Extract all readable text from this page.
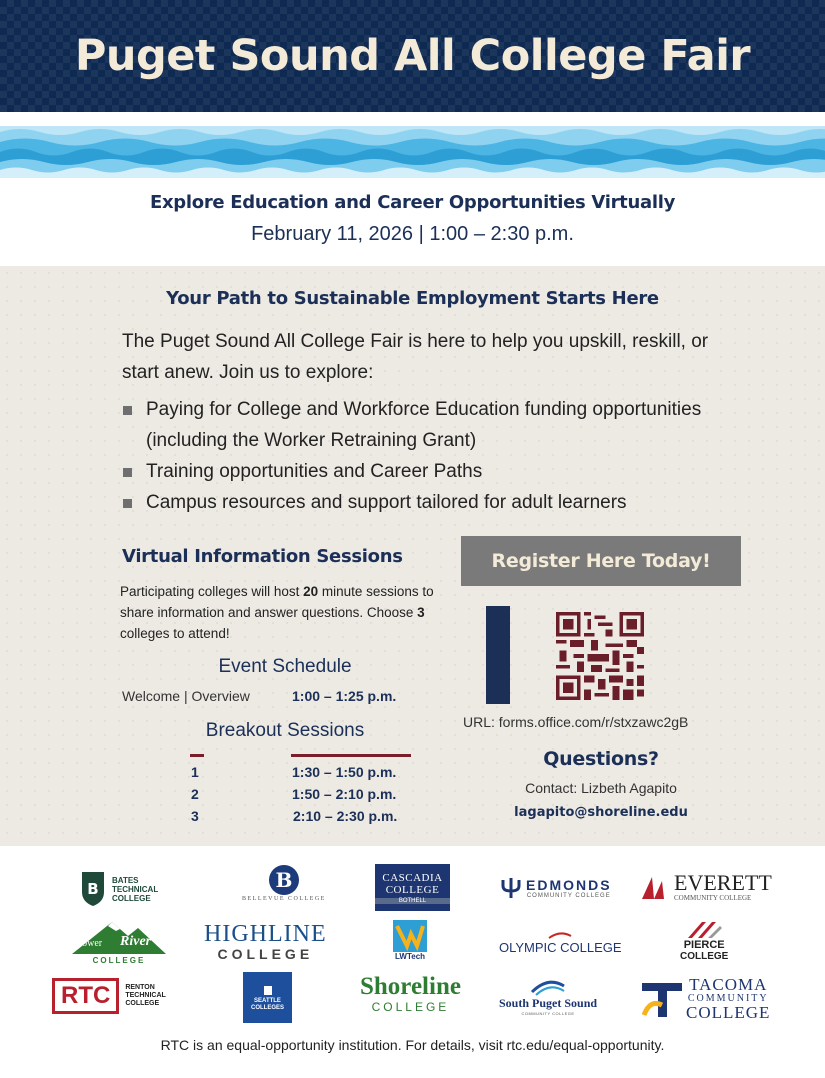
Puget Sound All College Fair
Explore Education and Career Opportunities Virtually
February 11, 2026 | 1:00 – 2:30 p.m.
Your Path to Sustainable Employment Starts Here

The Puget Sound All College Fair is here to help you upskill, reskill, or start anew. Join us to explore:

Paying for College and Workforce Education funding opportunities (including the Worker Retraining Grant)
Training opportunities and Career Paths
Campus resources and support tailored for adult learners
Virtual Information Sessions

Participating colleges will host 20 minute sessions to share information and answer questions. Choose 3 colleges to attend!

Event Schedule
Welcome | Overview	1:00 – 1:25 p.m.
Breakout Sessions
1	1:30 – 1:50 p.m.
2	1:50 – 2:10 p.m.
3	2:10 – 2:30 p.m.
Register Here Today!
URL: forms.office.com/r/stxzawc2gB
Questions?
Contact: Lizbeth Agapito
lagapito@shoreline.edu
B BATES
TECHNICAL
COLLEGE
B
BELLEVUE COLLEGE
CASCADIA
COLLEGE
BOTHELL
EDMONDS
COMMUNITY COLLEGE
EVERETT
COMMUNITY COLLEGE
Lower River
COLLEGE
HIGHLINE
COLLEGE	LWTech
OLYMPIC COLLEGE	PIERCE
COLLEGE
RTC	RENTON
TECHNICAL
COLLEGE	SEATTLE
COLLEGES
Shoreline
COLLEGE	South Puget Sound
COMMUNITY COLLEGE
TACOMA
COMMUNITY
COLLEGE
RTC is an equal-opportunity institution. For details, visit rtc.edu/equal-opportunity.
